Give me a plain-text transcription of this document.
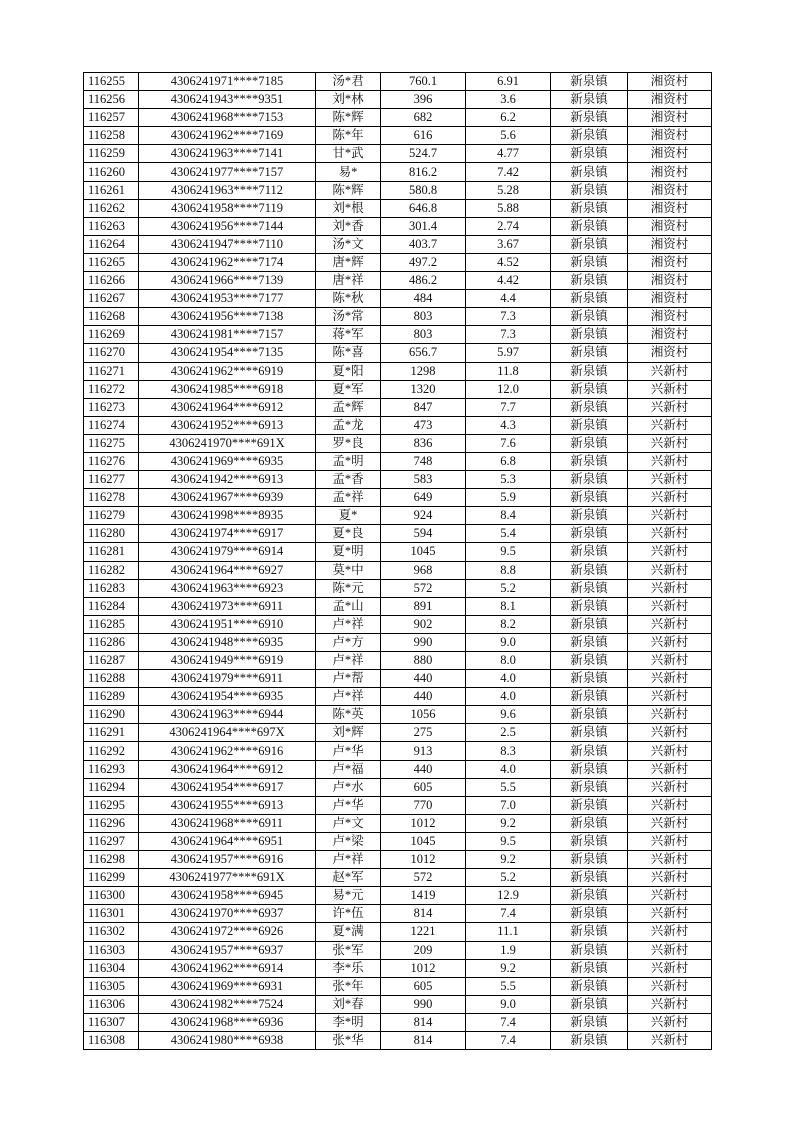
116255	4306241971****7185	汤*君	760.1	6.91	新泉镇	湘资村
116256	4306241943****9351	刘*林	396	3.6	新泉镇	湘资村
116257	4306241968****7153	陈*辉	682	6.2	新泉镇	湘资村
116258	4306241962****7169	陈*年	616	5.6	新泉镇	湘资村
116259	4306241963****7141	甘*武	524.7	4.77	新泉镇	湘资村
116260	4306241977****7157	易*	816.2	7.42	新泉镇	湘资村
116261	4306241963****7112	陈*辉	580.8	5.28	新泉镇	湘资村
116262	4306241958****7119	刘*根	646.8	5.88	新泉镇	湘资村
116263	4306241956****7144	刘*香	301.4	2.74	新泉镇	湘资村
116264	4306241947****7110	汤*文	403.7	3.67	新泉镇	湘资村
116265	4306241962****7174	唐*辉	497.2	4.52	新泉镇	湘资村
116266	4306241966****7139	唐*祥	486.2	4.42	新泉镇	湘资村
116267	4306241953****7177	陈*秋	484	4.4	新泉镇	湘资村
116268	4306241956****7138	汤*常	803	7.3	新泉镇	湘资村
116269	4306241981****7157	蒋*军	803	7.3	新泉镇	湘资村
116270	4306241954****7135	陈*喜	656.7	5.97	新泉镇	湘资村
116271	4306241962****6919	夏*阳	1298	11.8	新泉镇	兴新村
116272	4306241985****6918	夏*军	1320	12.0	新泉镇	兴新村
116273	4306241964****6912	孟*辉	847	7.7	新泉镇	兴新村
116274	4306241952****6913	孟*龙	473	4.3	新泉镇	兴新村
116275	4306241970****691X	罗*良	836	7.6	新泉镇	兴新村
116276	4306241969****6935	孟*明	748	6.8	新泉镇	兴新村
116277	4306241942****6913	孟*香	583	5.3	新泉镇	兴新村
116278	4306241967****6939	孟*祥	649	5.9	新泉镇	兴新村
116279	4306241998****8935	夏*	924	8.4	新泉镇	兴新村
116280	4306241974****6917	夏*良	594	5.4	新泉镇	兴新村
116281	4306241979****6914	夏*明	1045	9.5	新泉镇	兴新村
116282	4306241964****6927	莫*中	968	8.8	新泉镇	兴新村
116283	4306241963****6923	陈*元	572	5.2	新泉镇	兴新村
116284	4306241973****6911	孟*山	891	8.1	新泉镇	兴新村
116285	4306241951****6910	卢*祥	902	8.2	新泉镇	兴新村
116286	4306241948****6935	卢*方	990	9.0	新泉镇	兴新村
116287	4306241949****6919	卢*祥	880	8.0	新泉镇	兴新村
116288	4306241979****6911	卢*帮	440	4.0	新泉镇	兴新村
116289	4306241954****6935	卢*祥	440	4.0	新泉镇	兴新村
116290	4306241963****6944	陈*英	1056	9.6	新泉镇	兴新村
116291	4306241964****697X	刘*辉	275	2.5	新泉镇	兴新村
116292	4306241962****6916	卢*华	913	8.3	新泉镇	兴新村
116293	4306241964****6912	卢*福	440	4.0	新泉镇	兴新村
116294	4306241954****6917	卢*水	605	5.5	新泉镇	兴新村
116295	4306241955****6913	卢*华	770	7.0	新泉镇	兴新村
116296	4306241968****6911	卢*文	1012	9.2	新泉镇	兴新村
116297	4306241964****6951	卢*梁	1045	9.5	新泉镇	兴新村
116298	4306241957****6916	卢*祥	1012	9.2	新泉镇	兴新村
116299	4306241977****691X	赵*军	572	5.2	新泉镇	兴新村
116300	4306241958****6945	易*元	1419	12.9	新泉镇	兴新村
116301	4306241970****6937	许*伍	814	7.4	新泉镇	兴新村
116302	4306241972****6926	夏*满	1221	11.1	新泉镇	兴新村
116303	4306241957****6937	张*军	209	1.9	新泉镇	兴新村
116304	4306241962****6914	李*乐	1012	9.2	新泉镇	兴新村
116305	4306241969****6931	张*年	605	5.5	新泉镇	兴新村
116306	4306241982****7524	刘*春	990	9.0	新泉镇	兴新村
116307	4306241968****6936	李*明	814	7.4	新泉镇	兴新村
116308	4306241980****6938	张*华	814	7.4	新泉镇	兴新村
